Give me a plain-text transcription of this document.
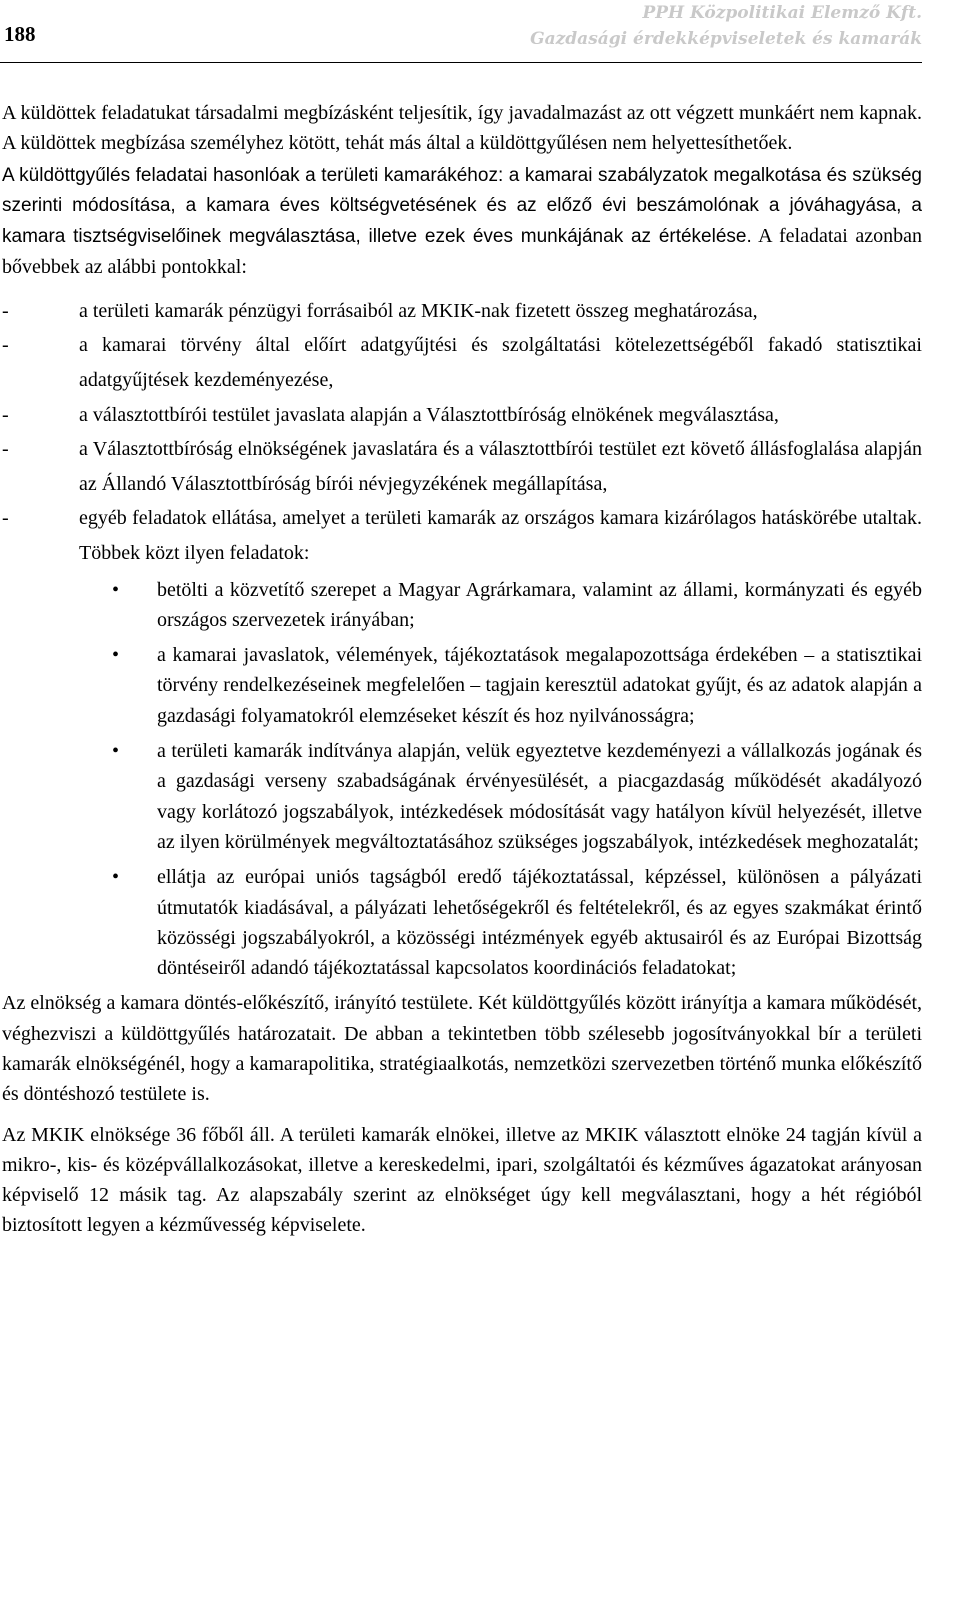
188
PPH Közpolitikai Elemző Kft.
Gazdasági érdekképviseletek és kamarák

A küldöttek feladatukat társadalmi megbízásként teljesítik, így javadalmazást az ott végzett munkáért nem kapnak. A küldöttek megbízása személyhez kötött, tehát más által a küldöttgyűlésen nem helyettesíthetőek.

A küldöttgyűlés feladatai hasonlóak a területi kamarákéhoz: a kamarai szabályzatok megalkotása és szükség szerinti módosítása, a kamara éves költségvetésének és az előző évi beszámolónak a jóváhagyása, a kamara tisztségviselőinek megválasztása, illetve ezek éves munkájának az értékelése. A feladatai azonban bővebbek az alábbi pontokkal:

-	a területi kamarák pénzügyi forrásaiból az MKIK-nak fizetett összeg meghatározása,
-	a kamarai törvény által előírt adatgyűjtési és szolgáltatási kötelezettségéből fakadó statisztikai adatgyűjtések kezdeményezése,
-	a választottbírói testület javaslata alapján a Választottbíróság elnökének megválasztása,
-	a Választottbíróság elnökségének javaslatára és a választottbírói testület ezt követő állásfoglalása alapján az Állandó Választottbíróság bírói névjegyzékének megállapítása,
-	egyéb feladatok ellátása, amelyet a területi kamarák az országos kamara kizárólagos hatáskörébe utaltak. Többek közt ilyen feladatok:
• betölti a közvetítő szerepet a Magyar Agrárkamara, valamint az állami, kormányzati és egyéb országos szervezetek irányában;
• a kamarai javaslatok, vélemények, tájékoztatások megalapozottsága érdekében – a statisztikai törvény rendelkezéseinek megfelelően – tagjain keresztül adatokat gyűjt, és az adatok alapján a gazdasági folyamatokról elemzéseket készít és hoz nyilvánosságra;
• a területi kamarák indítványa alapján, velük egyeztetve kezdeményezi a vállalkozás jogának és a gazdasági verseny szabadságának érvényesülését, a piacgazdaság működését akadályozó vagy korlátozó jogszabályok, intézkedések módosítását vagy hatályon kívül helyezését, illetve az ilyen körülmények megváltoztatásához szükséges jogszabályok, intézkedések meghozatalát;
• ellátja az európai uniós tagságból eredő tájékoztatással, képzéssel, különösen a pályázati útmutatók kiadásával, a pályázati lehetőségekről és feltételekről, és az egyes szakmákat érintő közösségi jogszabályokról, a közösségi intézmények egyéb aktusairól és az Európai Bizottság döntéseiről adandó tájékoztatással kapcsolatos koordinációs feladatokat;

Az elnökség a kamara döntés-előkészítő, irányító testülete. Két küldöttgyűlés között irányítja a kamara működését, véghezviszi a küldöttgyűlés határozatait. De abban a tekintetben több szélesebb jogosítványokkal bír a területi kamarák elnökségénél, hogy a kamarapolitika, stratégiaalkotás, nemzetközi szervezetben történő munka előkészítő és döntéshozó testülete is.

Az MKIK elnöksége 36 főből áll. A területi kamarák elnökei, illetve az MKIK választott elnöke 24 tagján kívül a mikro-, kis- és középvállalkozásokat, illetve a kereskedelmi, ipari, szolgáltatói és kézműves ágazatokat arányosan képviselő 12 másik tag. Az alapszabály szerint az elnökséget úgy kell megválasztani, hogy a hét régióból biztosított legyen a kézművesség képviselete.
